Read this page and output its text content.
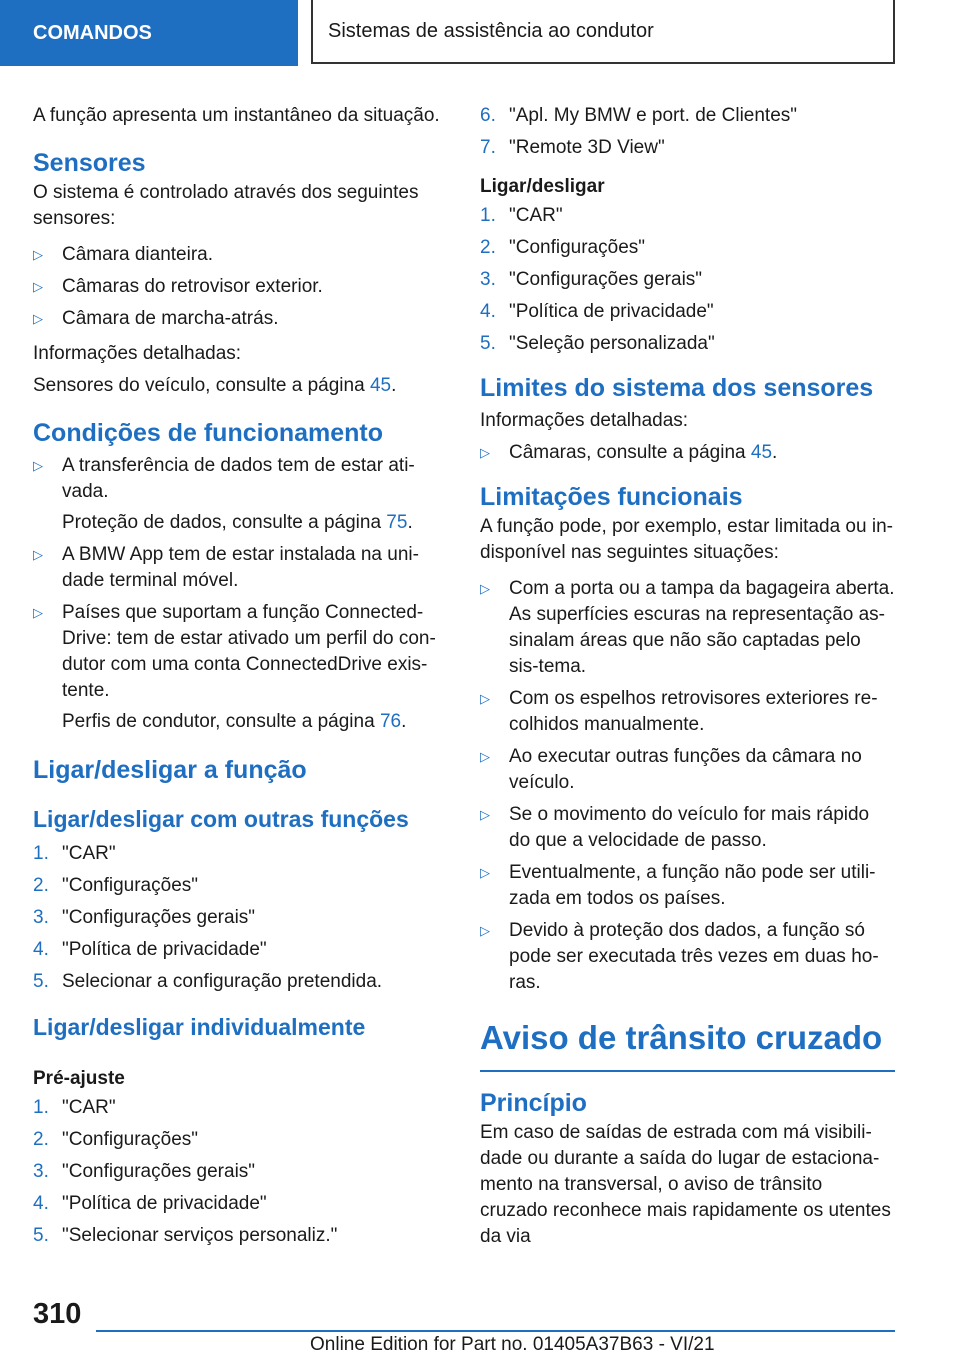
COMANDOS	Sistemas de assistência ao condutor

A função apresenta um instantâneo da situação.

Sensores

O sistema é controlado através dos seguintes sensores:

▷ Câmara dianteira.
▷ Câmaras do retrovisor exterior.
▷ Câmara de marcha-atrás.

Informações detalhadas:

Sensores do veículo, consulte a página 45.

Condições de funcionamento
▷ A transferência de dados tem de estar ati-vada.
Proteção de dados, consulte a página 75.
▷ A BMW App tem de estar instalada na uni-dade terminal móvel.
▷ Países que suportam a função Connected-Drive: tem de estar ativado um perfil do con-dutor com uma conta ConnectedDrive exis-tente.
Perfis de condutor, consulte a página 76.
Ligar/desligar a função
Ligar/desligar com outras funções
1. "CAR"
2. "Configurações"
3. "Configurações gerais"
4. "Política de privacidade"
5. Selecionar a configuração pretendida.
Ligar/desligar individualmente
Pré-ajuste
1. "CAR"
2. "Configurações"
3. "Configurações gerais"
4. "Política de privacidade"
5. "Selecionar serviços personaliz."
6. "Apl. My BMW e port. de Clientes"
7. "Remote 3D View"
Ligar/desligar
1. "CAR"
2. "Configurações"
3. "Configurações gerais"
4. "Política de privacidade"
5. "Seleção personalizada"
Limites do sistema dos sensores

Informações detalhadas:

▷ Câmaras, consulte a página 45.
Limitações funcionais

A função pode, por exemplo, estar limitada ou in-disponível nas seguintes situações:

▷ Com a porta ou a tampa da bagageira aberta. As superfícies escuras na representação as-sinalam áreas que não são captadas pelo sis-tema.
▷ Com os espelhos retrovisores exteriores re-colhidos manualmente.
▷ Ao executar outras funções da câmara no veículo.
▷ Se o movimento do veículo for mais rápido do que a velocidade de passo.
▷ Eventualmente, a função não pode ser utili-zada em todos os países.
▷ Devido à proteção dos dados, a função só pode ser executada três vezes em duas ho-ras.
Aviso de trânsito cruzado
Princípio

Em caso de saídas de estrada com má visibili-dade ou durante a saída do lugar de estaciona-mento na transversal, o aviso de trânsito cruzado reconhece mais rapidamente os utentes da via

310
Online Edition for Part no. 01405A37B63 - VI/21
